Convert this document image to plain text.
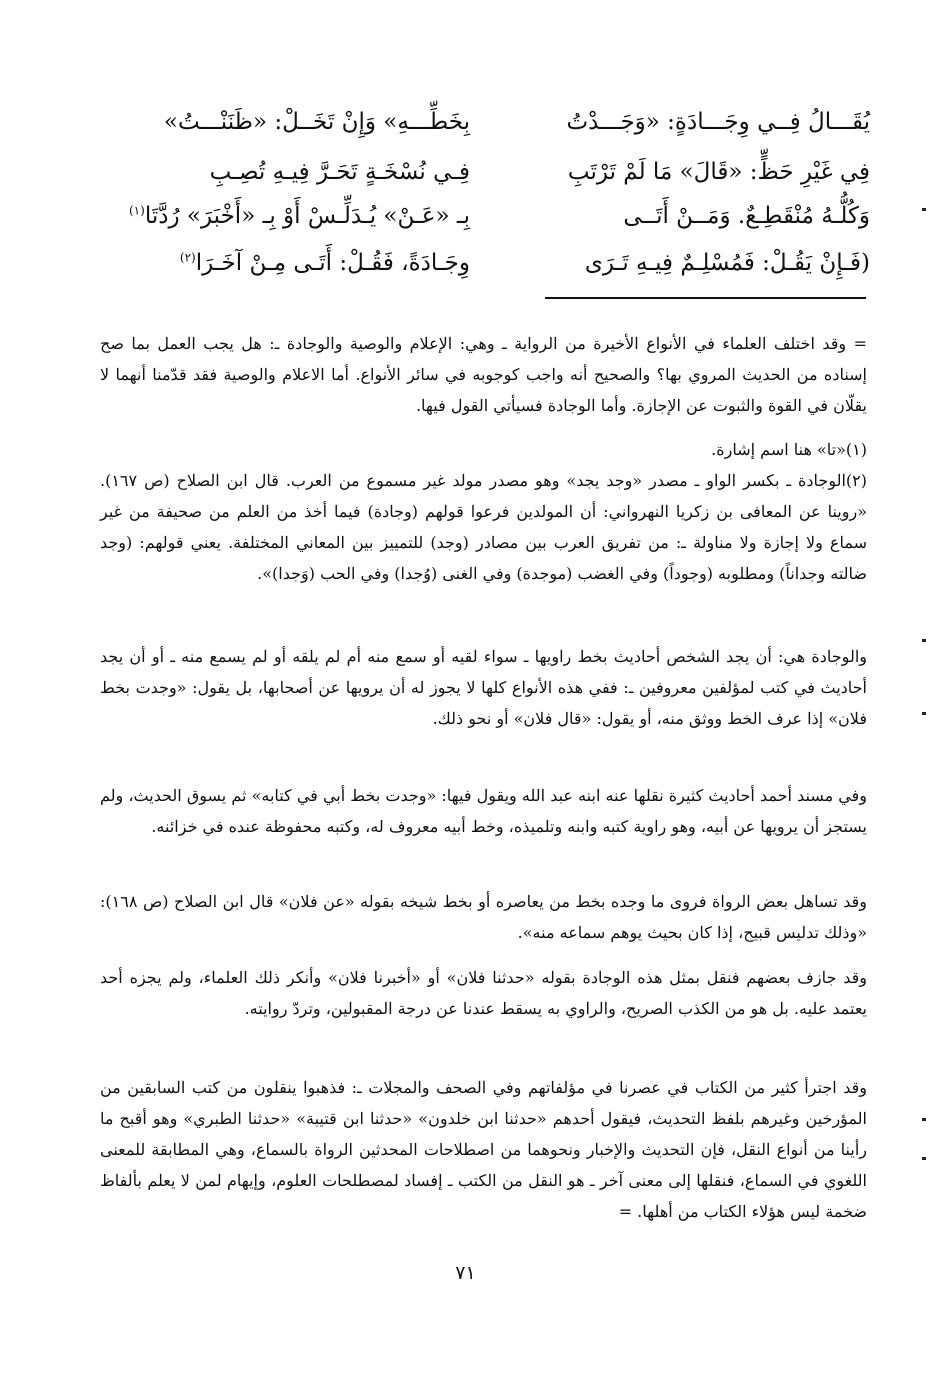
يُقَـــالُ فِــي وِجَـــادَةٍ: «وَجَـــدْتُ
بِخَطِّـــهِ» وَإِنْ تَخَــلْ: «ظَنَنْـــتُ»
فِي غَيْرِ حَظٍّ: «قَالَ» مَا لَمْ تَرْتَبِ
فِـي نُسْخَـةٍ تَحَـرَّ فِيـهِ تُصِـبِ
وَكُلُّـهُ مُنْقَطِـعٌ. وَمَــنْ أَتَــى
بِـ «عَـنْ» يُـدَلِّـسْ أَوْ بِـ «أَخْبَرَ» رُدَّتَا$^{(١)}$
(فَـإِنْ يَقُـلْ: فَمُسْلِـمٌ فِيـهِ تَـرَى
وِجَـادَةً، فَقُـلْ: أَتَـى مِـنْ آخَـرَا$^{(٢)}$

= وقد اختلف العلماء في الأنواع الأخيرة من الرواية ـ وهي: الإعلام والوصية والوجادة ـ: هل يجب العمل بما صح إسناده من الحديث المروي بها؟ والصحيح أنه واجب كوجوبه في سائر الأنواع. أما الاعلام والوصية فقد قدّمنا أنهما لا يقلّان في القوة والثبوت عن الإجازة. وأما الوجادة فسيأتي القول فيها.

(١)«تا» هنا اسم إشارة.

(٢)الوجادة ـ بكسر الواو ـ مصدر «وجد يجد» وهو مصدر مولد غير مسموع من العرب. قال ابن الصلاح (ص ١٦٧). «روينا عن المعافى بن زكريا النهرواني: أن المولدين فرعوا قولهم (وجادة) فيما أخذ من العلم من صحيفة من غير سماع ولا إجازة ولا مناولة ـ: من تفريق العرب بين مصادر (وجد) للتمييز بين المعاني المختلفة. يعني قولهم: (وجد ضالته وجداناً) ومطلوبه (وجوداً) وفي الغضب (موجدة) وفي الغنى (وُجدا) وفي الحب (وَجدا)».

والوجادة هي: أن يجد الشخص أحاديث بخط راويها ـ سواء لقيه أو سمع منه أم لم يلقه أو لم يسمع منه ـ أو أن يجد أحاديث في كتب لمؤلفين معروفين ـ: ففي هذه الأنواع كلها لا يجوز له أن يرويها عن أصحابها، بل يقول: «وجدت بخط فلان» إذا عرف الخط ووثق منه، أو يقول: «قال فلان» أو نحو ذلك.

وفي مسند أحمد أحاديث كثيرة نقلها عنه ابنه عبد الله ويقول فيها: «وجدت بخط أبي في كتابه» ثم يسوق الحديث، ولم يستجز أن يرويها عن أبيه، وهو راوية كتبه وابنه وتلميذه، وخط أبيه معروف له، وكتبه محفوظة عنده في خزائنه.

وقد تساهل بعض الرواة فروى ما وجده بخط من يعاصره أو بخط شيخه بقوله «عن فلان» قال ابن الصلاح (ص ١٦٨): «وذلك تدليس قبيح، إذا كان بحيث يوهم سماعه منه».

وقد جازف بعضهم فنقل بمثل هذه الوجادة بقوله «حدثنا فلان» أو «أخبرنا فلان» وأنكر ذلك العلماء، ولم يجزه أحد يعتمد عليه. بل هو من الكذب الصريح، والراوي به يسقط عندنا عن درجة المقبولين، وتردّ روايته.

وقد اجترأ كثير من الكتاب في عصرنا في مؤلفاتهم وفي الصحف والمجلات ـ: فذهبوا ينقلون من كتب السابقين من المؤرخين وغيرهم بلفظ التحديث، فيقول أحدهم «حدثنا ابن خلدون» «حدثنا ابن قتيبة» «حدثنا الطبري» وهو أقبح ما رأينا من أنواع النقل، فإن التحديث والإخبار ونحوهما من اصطلاحات المحدثين الرواة بالسماع، وهي المطابقة للمعنى اللغوي في السماع، فنقلها إلى معنى آخر ـ هو النقل من الكتب ـ إفساد لمصطلحات العلوم، وإيهام لمن لا يعلم بألفاظ ضخمة ليس هؤلاء الكتاب من أهلها. =

٧١
